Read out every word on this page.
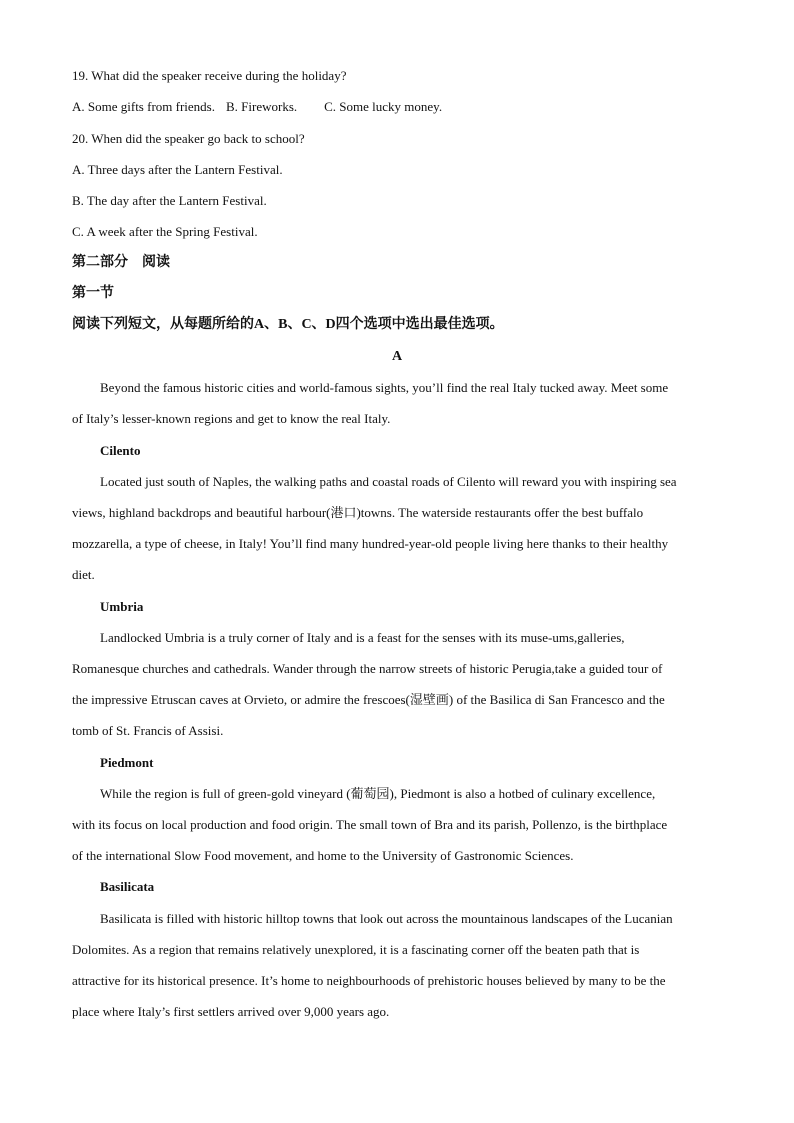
19. What did the speaker receive during the holiday?
A. Some gifts from friends. B. Fireworks. C. Some lucky money.
20. When did the speaker go back to school?
A. Three days after the Lantern Festival.
B. The day after the Lantern Festival.
C. A week after the Spring Festival.
第二部分　阅读
第一节
阅读下列短文，从每题所给的A、B、C、D四个选项中选出最佳选项。
A
Beyond the famous historic cities and world-famous sights, you’ll find the real Italy tucked away. Meet some
of Italy’s lesser-known regions and get to know the real Italy.
Cilento
Located just south of Naples, the walking paths and coastal roads of Cilento will reward you with inspiring sea
views, highland backdrops and beautiful harbour(港口)towns. The waterside restaurants offer the best buffalo
mozzarella, a type of cheese, in Italy! You’ll find many hundred-year-old people living here thanks to their healthy
diet.
Umbria
Landlocked Umbria is a truly corner of Italy and is a feast for the senses with its muse-ums,galleries,
Romanesque churches and cathedrals. Wander through the narrow streets of historic Perugia,take a guided tour of
the impressive Etruscan caves at Orvieto, or admire the frescoes(湿壁画) of the Basilica di San Francesco and the
tomb of St. Francis of Assisi.
Piedmont
While the region is full of green-gold vineyard (葡萄园), Piedmont is also a hotbed of culinary excellence,
with its focus on local production and food origin. The small town of Bra and its parish, Pollenzo, is the birthplace
of the international Slow Food movement, and home to the University of Gastronomic Sciences.
Basilicata
Basilicata is filled with historic hilltop towns that look out across the mountainous landscapes of the Lucanian
Dolomites. As a region that remains relatively unexplored, it is a fascinating corner off the beaten path that is
attractive for its historical presence. It’s home to neighbourhoods of prehistoric houses believed by many to be the
place where Italy’s first settlers arrived over 9,000 years ago.
